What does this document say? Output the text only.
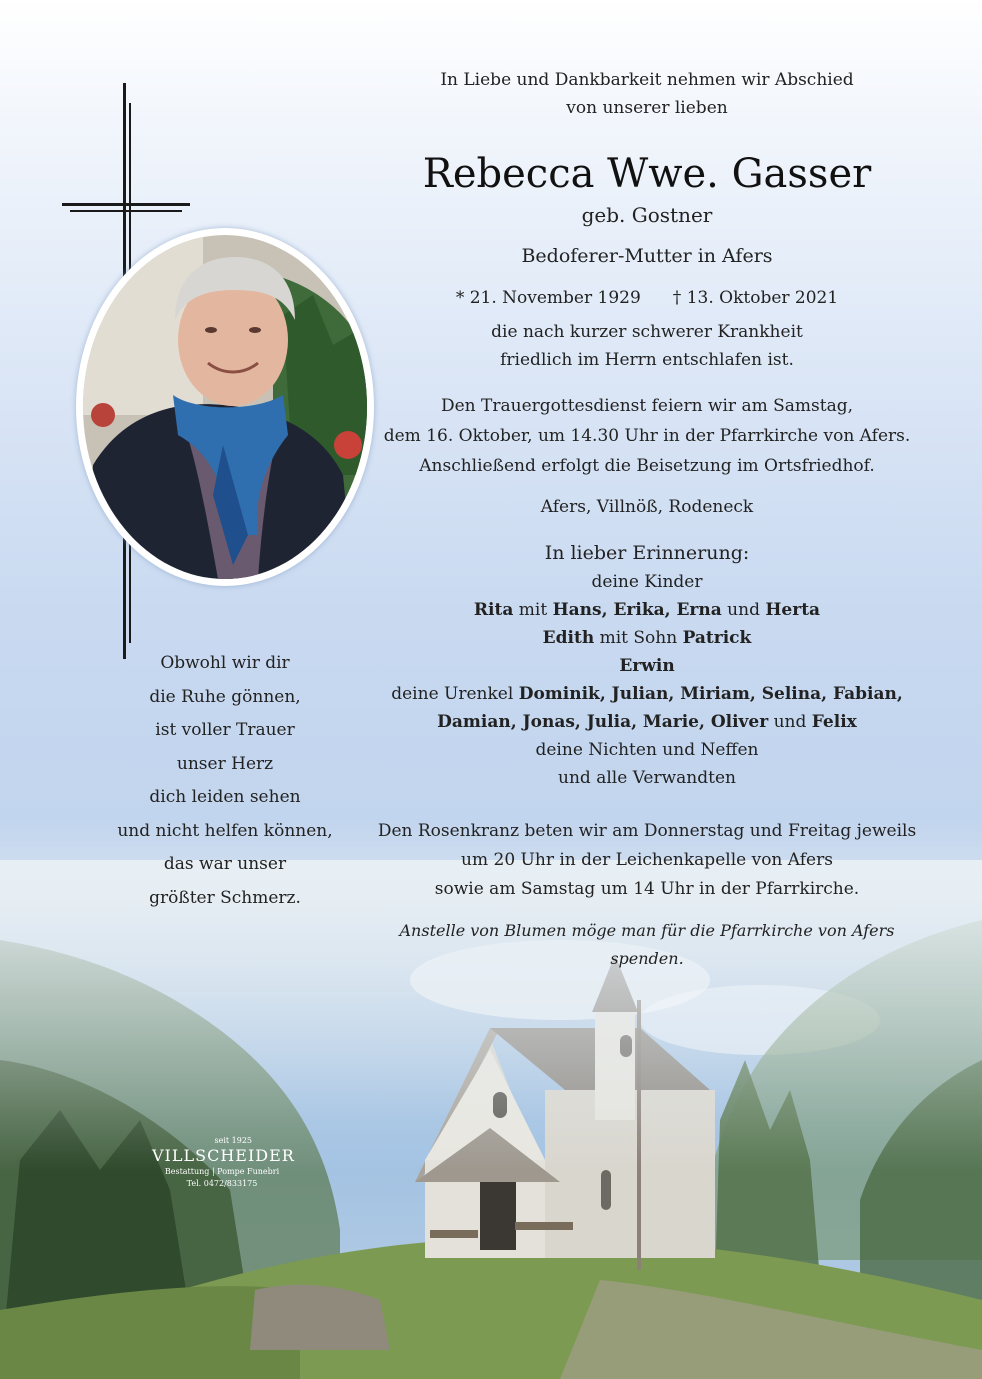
In Liebe und Dankbarkeit nehmen wir Abschied
von unserer lieben
Rebecca Wwe. Gasser
geb. Gostner
Bedoferer-Mutter in Afers
* 21. November 1929 † 13. Oktober 2021
die nach kurzer schwerer Krankheit
friedlich im Herrn entschlafen ist.
Den Trauergottesdienst feiern wir am Samstag,
dem 16. Oktober, um 14.30 Uhr in der Pfarrkirche von Afers.
Anschließend erfolgt die Beisetzung im Ortsfriedhof.
Afers, Villnöß, Rodeneck
In lieber Erinnerung:
deine Kinder
Rita mit Hans, Erika, Erna und Herta
Edith mit Sohn Patrick
Erwin
deine Urenkel Dominik, Julian, Miriam, Selina, Fabian,
Damian, Jonas, Julia, Marie, Oliver und Felix
deine Nichten und Neffen
und alle Verwandten
Den Rosenkranz beten wir am Donnerstag und Freitag jeweils
um 20 Uhr in der Leichenkapelle von Afers
sowie am Samstag um 14 Uhr in der Pfarrkirche.
Anstelle von Blumen möge man für die Pfarrkirche von Afers spenden.
Obwohl wir dir
die Ruhe gönnen,
ist voller Trauer
unser Herz
dich leiden sehen
und nicht helfen können,
das war unser
größter Schmerz.
seit 1925
VILLSCHEIDER
Bestattung | Pompe Funebri
Tel. 0472/833175
